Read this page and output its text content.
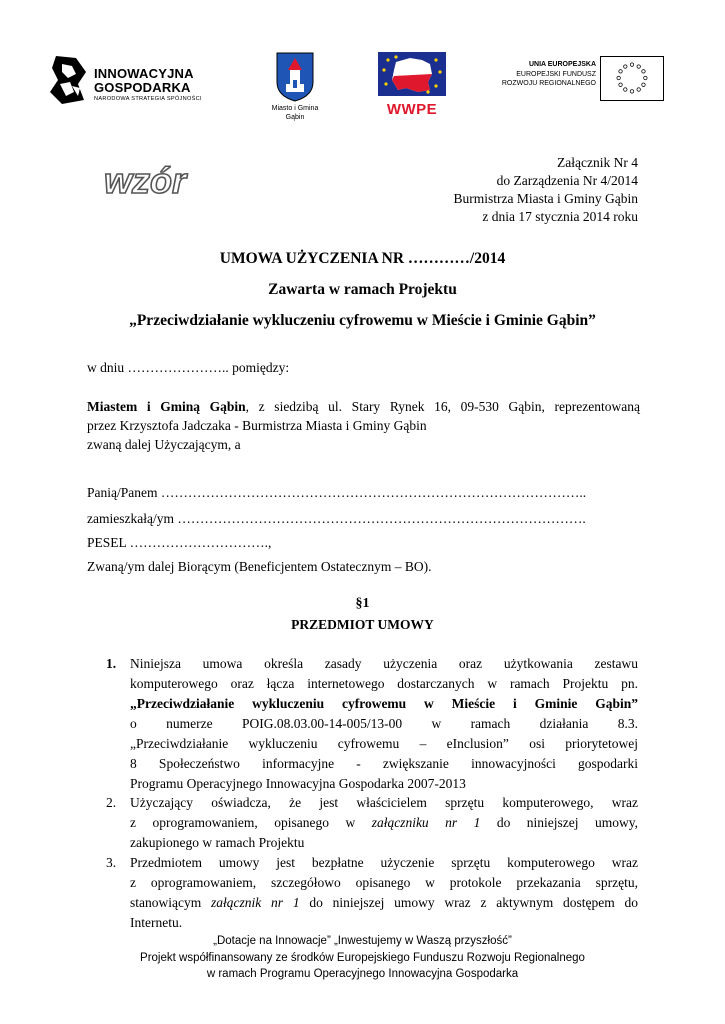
INNOWACYJNA
GOSPODARKA
NARODOWA STRATEGIA SPÓJNOŚCI
Miasto i Gmina
Gąbin	WWPE
UNIA EUROPEJSKA
EUROPEJSKI FUNDUSZ
ROZWOJU REGIONALNEGO
wzór	Załącznik Nr 4
do Zarządzenia Nr 4/2014
Burmistrza Miasta i Gminy Gąbin
z dnia 17 stycznia 2014 roku
UMOWA UŻYCZENIA NR …………/2014
Zawarta w ramach Projektu
„Przeciwdziałanie wykluczeniu cyfrowemu w Mieście i Gminie Gąbin”
w dniu ………………….. pomiędzy:
Miastem i Gminą Gąbin, z siedzibą ul. Stary Rynek 16, 09-530 Gąbin, reprezentowaną
przez Krzysztofa Jadczaka - Burmistrza Miasta i Gminy Gąbin
zwaną dalej Użyczającym, a
Panią/Panem …………………………………………………………………………………..
zamieszkałą/ym ……………………………………………………………………………….
PESEL ………………………….,
Zwaną/ym dalej Biorącym (Beneficjentem Ostatecznym – BO).
§1
PRZEDMIOT UMOWY
1. Niniejsza umowa określa zasady użyczenia oraz użytkowania zestawu
komputerowego oraz łącza internetowego dostarczanych w ramach Projektu pn.
„Przeciwdziałanie wykluczeniu cyfrowemu w Mieście i Gminie Gąbin”
o numerze POIG.08.03.00-14-005/13-00 w ramach działania 8.3.
„Przeciwdziałanie wykluczeniu cyfrowemu – eInclusion” osi priorytetowej
8 Społeczeństwo informacyjne - zwiększanie innowacyjności gospodarki
Programu Operacyjnego Innowacyjna Gospodarka 2007-2013
2. Użyczający oświadcza, że jest właścicielem sprzętu komputerowego, wraz
z oprogramowaniem, opisanego w załączniku nr 1 do niniejszej umowy,
zakupionego w ramach Projektu
3. Przedmiotem umowy jest bezpłatne użyczenie sprzętu komputerowego wraz
z oprogramowaniem, szczegółowo opisanego w protokole przekazania sprzętu,
stanowiącym załącznik nr 1 do niniejszej umowy wraz z aktywnym dostępem do
Internetu.
„Dotacje na Innowacje” „Inwestujemy w Waszą przyszłość”
Projekt współfinansowany ze środków Europejskiego Funduszu Rozwoju Regionalnego
w ramach Programu Operacyjnego Innowacyjna Gospodarka
